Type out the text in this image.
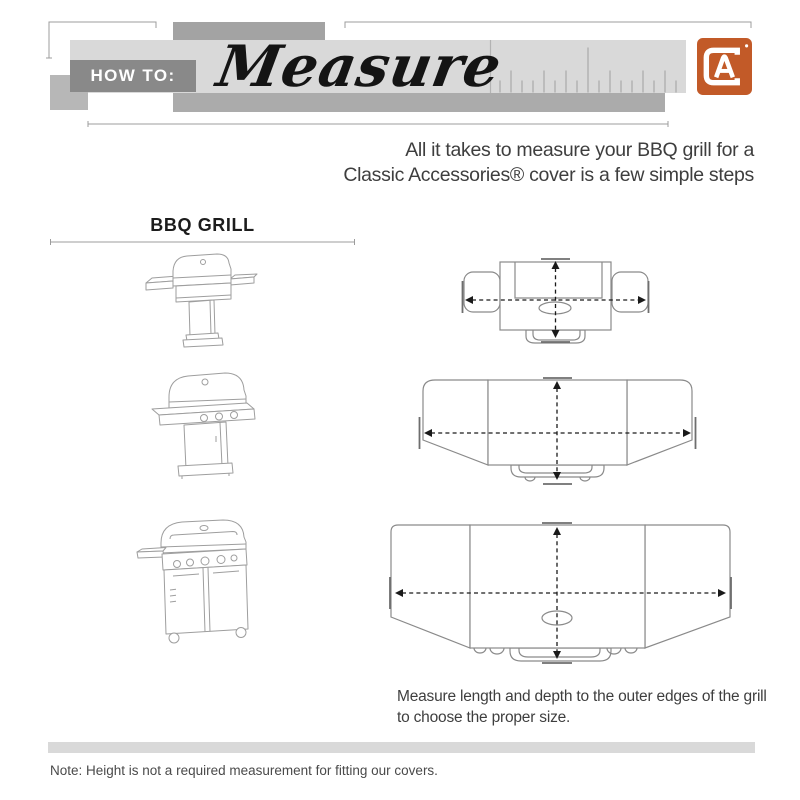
HOW TO: Measure
All it takes to measure your BBQ grill for a
Classic Accessories® cover is a few simple steps
BBQ GRILL
Measure length and depth to the outer edges of the grill
to choose the proper size.
Note: Height is not a required measurement for fitting our covers.
